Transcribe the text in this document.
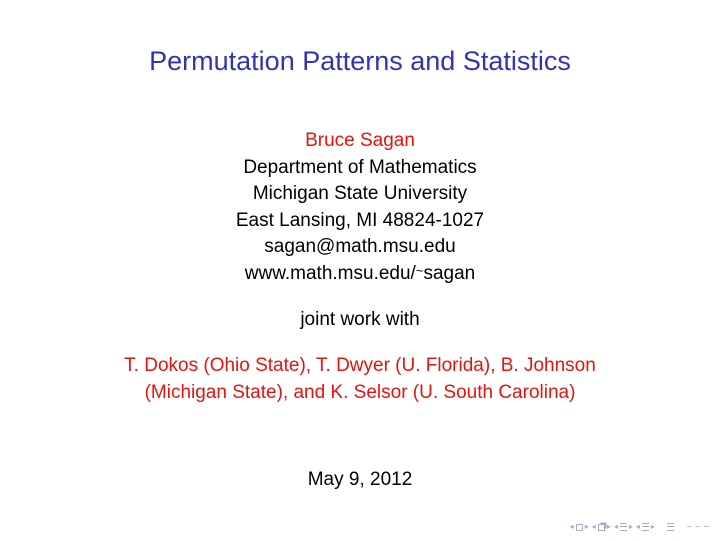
Permutation Patterns and Statistics
Bruce Sagan
Department of Mathematics
Michigan State University
East Lansing, MI 48824-1027
sagan@math.msu.edu
www.math.msu.edu/~sagan
joint work with
T. Dokos (Ohio State), T. Dwyer (U. Florida), B. Johnson
(Michigan State), and K. Selsor (U. South Carolina)
May 9, 2012
◂ ▸ ◂ ▸ ◂ ▸ ◂ ▸	∽ ∽ ∽
